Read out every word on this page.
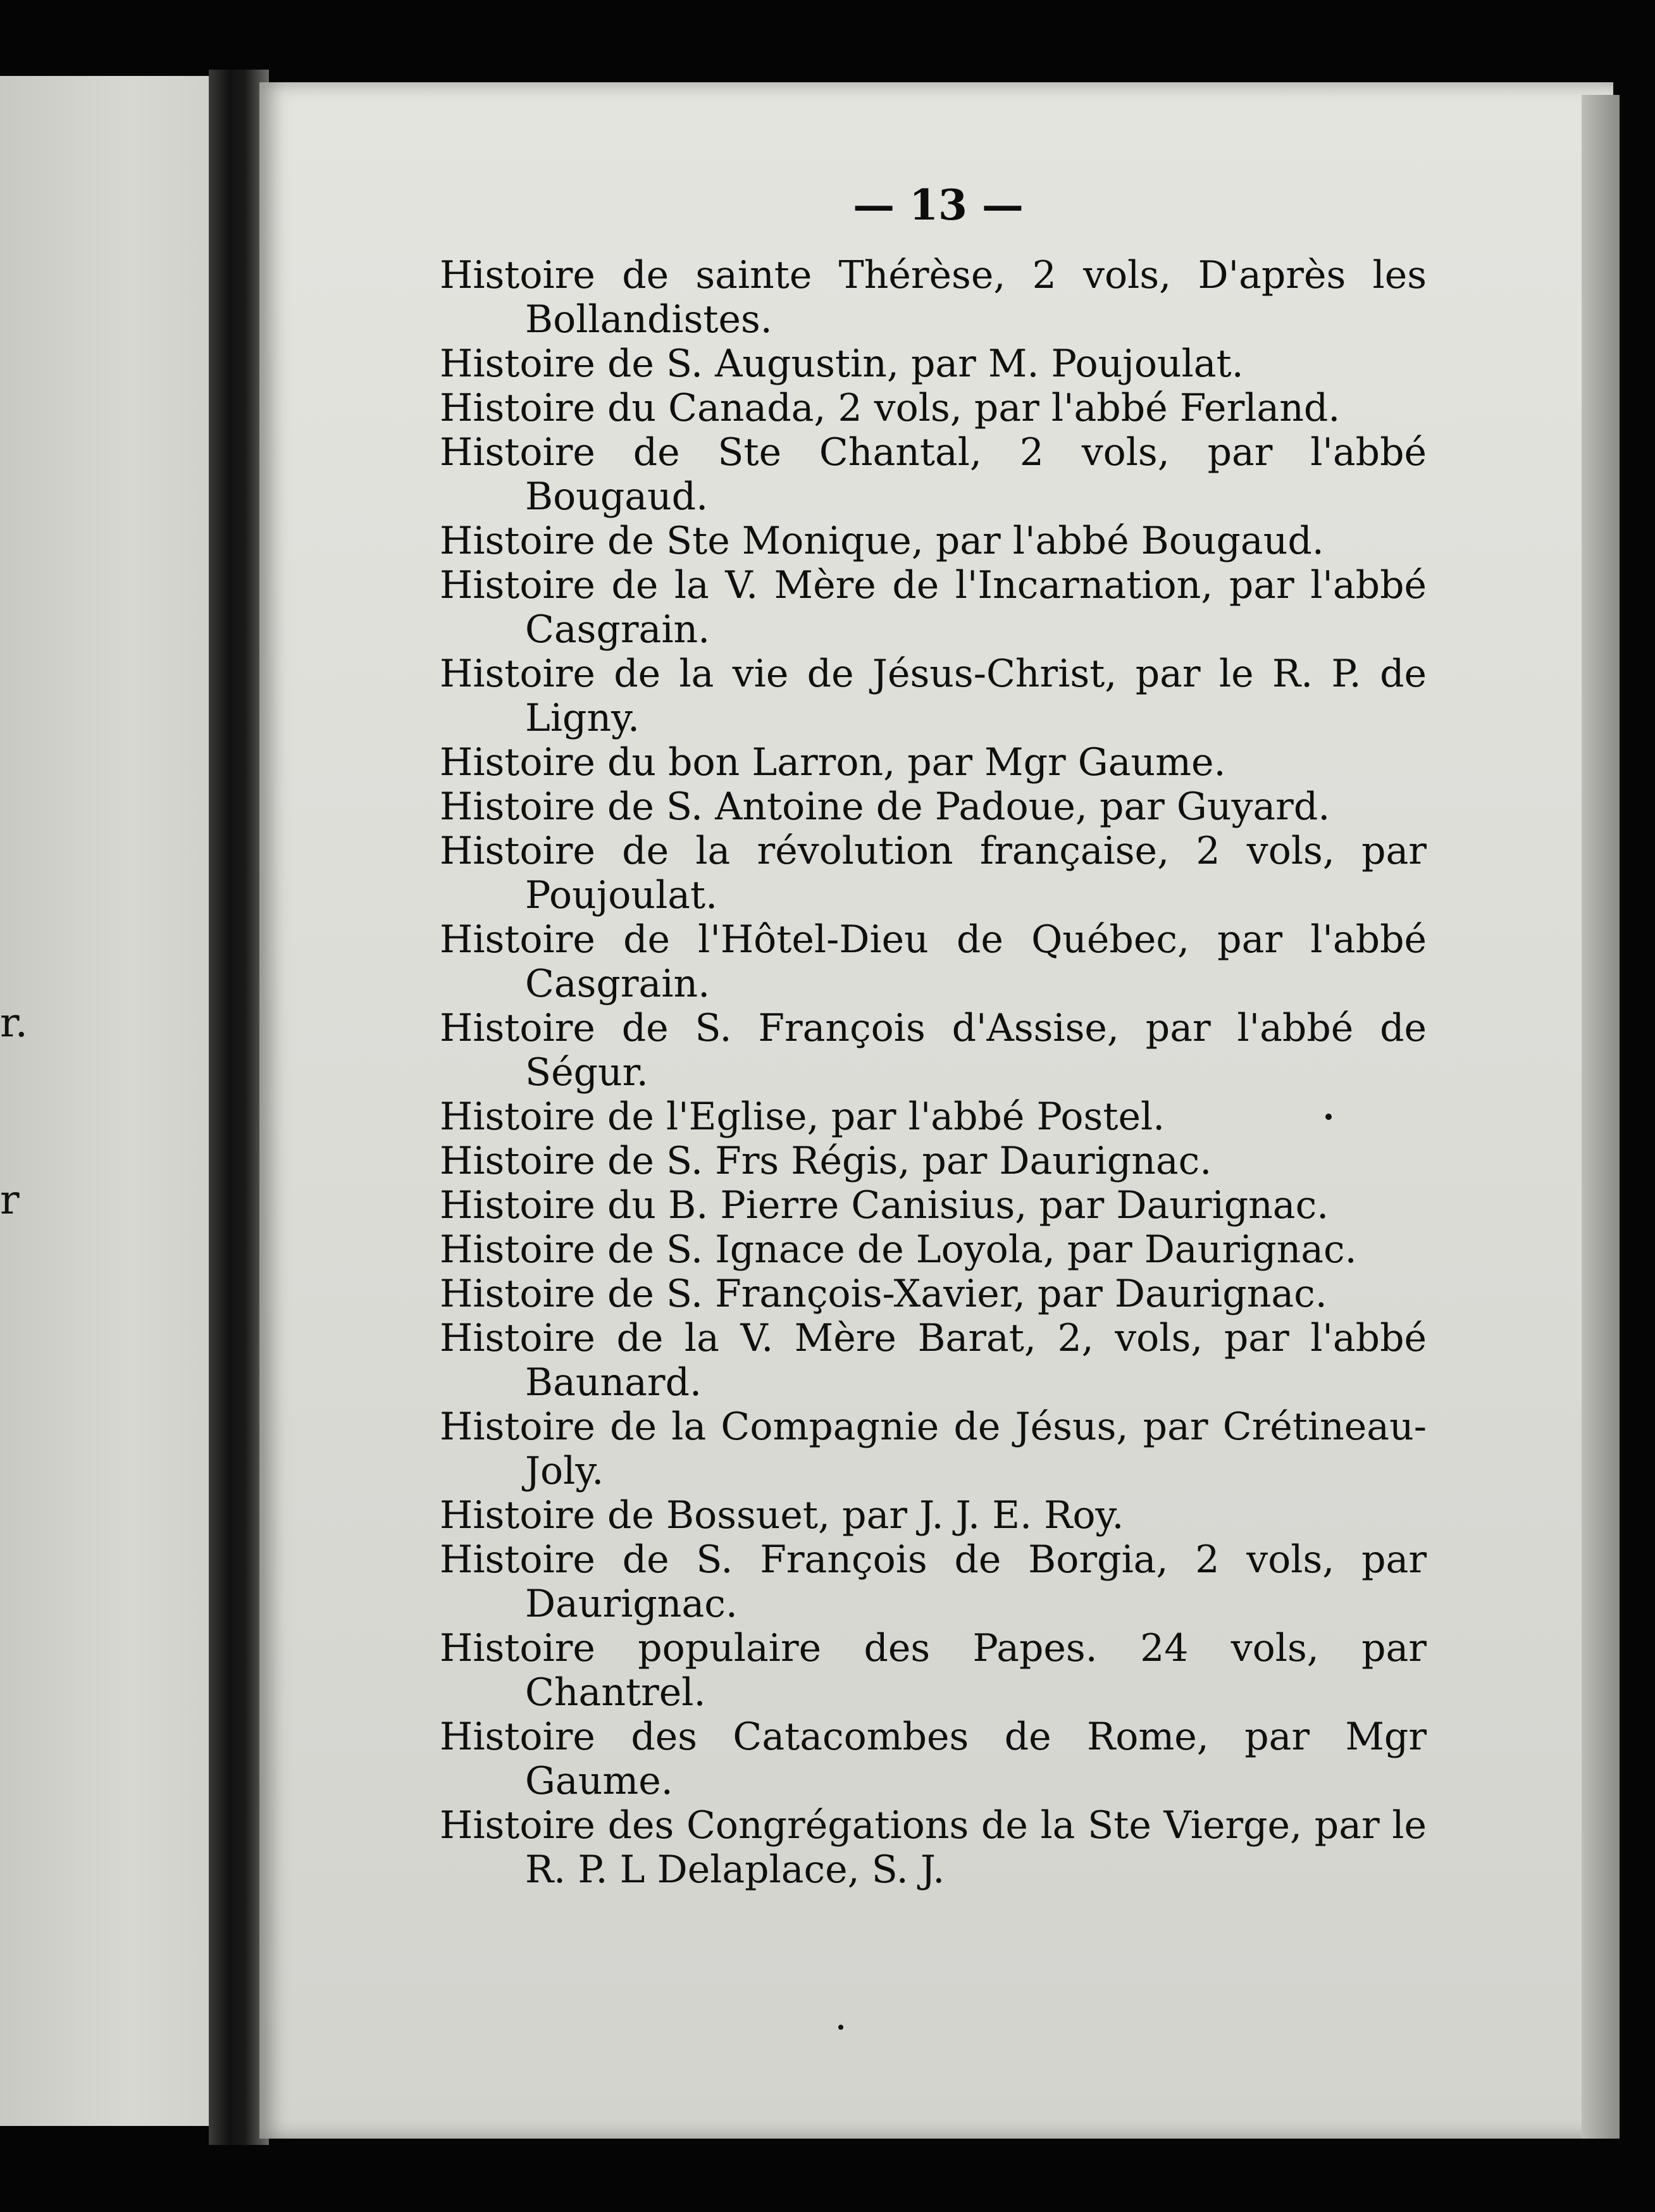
r.
r
— 13 —

Histoire de sainte Thérèse, 2 vols, D'après les Bollandistes.

Histoire de S. Augustin, par M. Poujoulat.

Histoire du Canada, 2 vols, par l'abbé Ferland.

Histoire de Ste Chantal, 2 vols, par l'abbé Bougaud.

Histoire de Ste Monique, par l'abbé Bougaud.

Histoire de la V. Mère de l'Incarnation, par l'abbé Casgrain.

Histoire de la vie de Jésus-Christ, par le R. P. de Ligny.

Histoire du bon Larron, par Mgr Gaume.

Histoire de S. Antoine de Padoue, par Guyard.

Histoire de la révolution française, 2 vols, par Poujoulat.

Histoire de l'Hôtel-Dieu de Québec, par l'abbé Casgrain.

Histoire de S. François d'Assise, par l'abbé de Ségur.

Histoire de l'Eglise, par l'abbé Postel.

Histoire de S. Frs Régis, par Daurignac.

Histoire du B. Pierre Canisius, par Daurignac.

Histoire de S. Ignace de Loyola, par Daurignac.

Histoire de S. François-Xavier, par Daurignac.

Histoire de la V. Mère Barat, 2, vols, par l'abbé Baunard.

Histoire de la Compagnie de Jésus, par Crétineau-Joly.

Histoire de Bossuet, par J. J. E. Roy.

Histoire de S. François de Borgia, 2 vols, par Daurignac.

Histoire populaire des Papes. 24 vols, par Chantrel.

Histoire des Catacombes de Rome, par Mgr Gaume.

Histoire des Congrégations de la Ste Vierge, par le R. P. L Delaplace, S. J.
